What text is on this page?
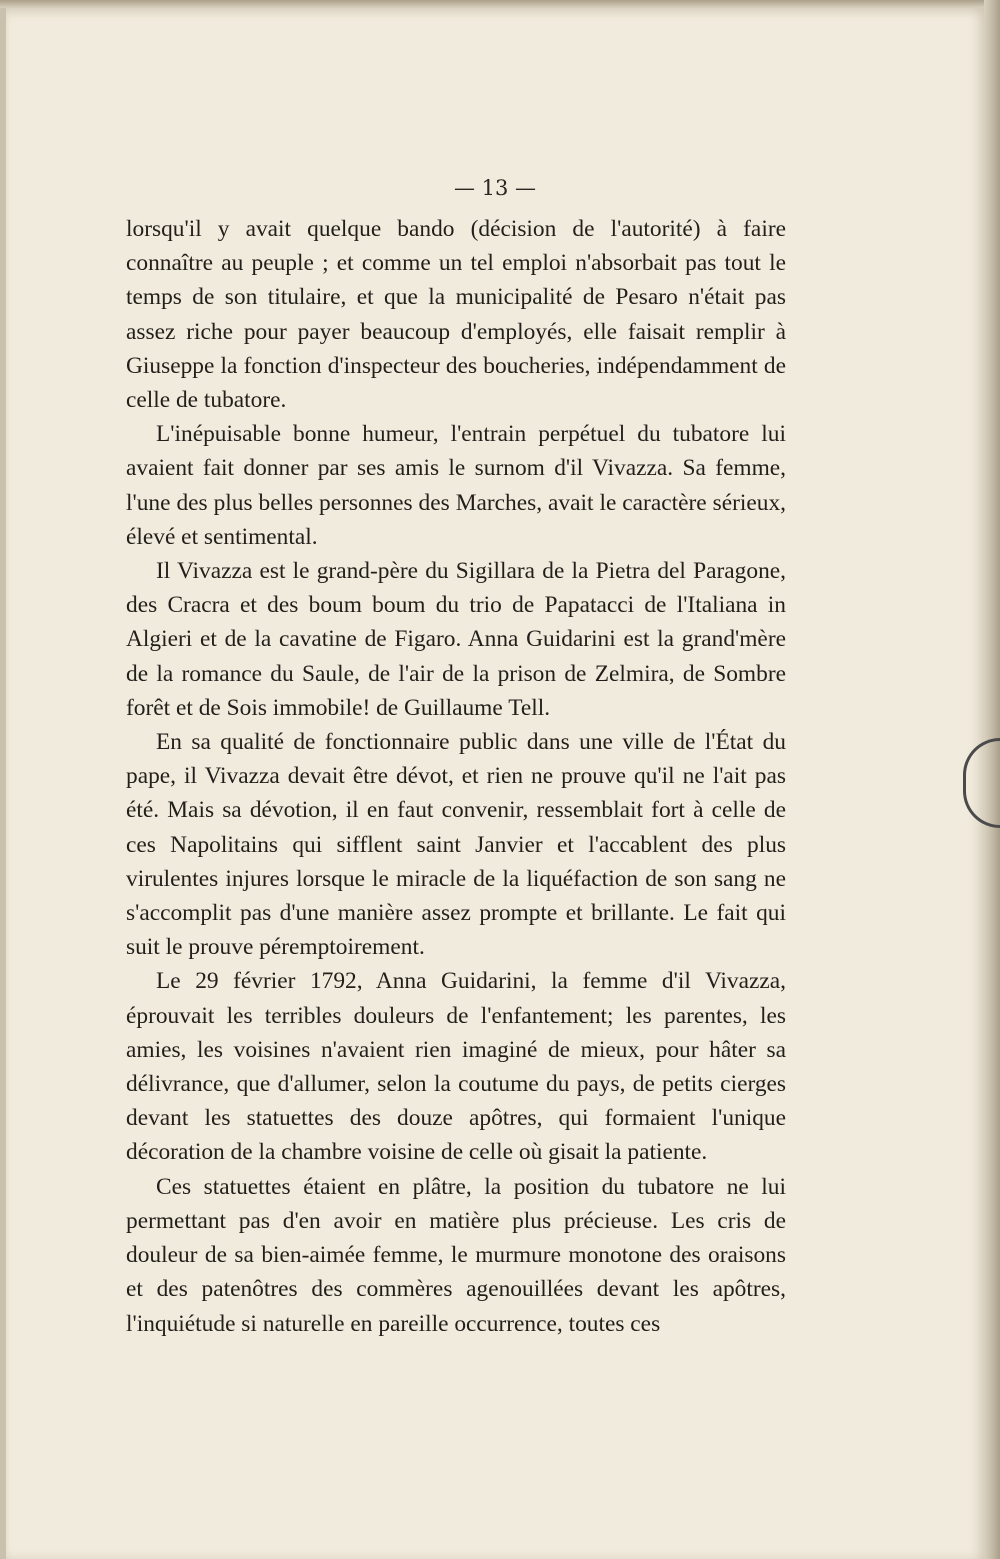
— 13 —

lorsqu'il y avait quelque bando (décision de l'autorité) à faire connaître au peuple ; et comme un tel emploi n'absorbait pas tout le temps de son titulaire, et que la municipalité de Pesaro n'était pas assez riche pour payer beaucoup d'employés, elle faisait remplir à Giuseppe la fonction d'inspecteur des boucheries, indépendamment de celle de tubatore.

L'inépuisable bonne humeur, l'entrain perpétuel du tubatore lui avaient fait donner par ses amis le surnom d'il Vivazza. Sa femme, l'une des plus belles personnes des Marches, avait le caractère sérieux, élevé et sentimental.

Il Vivazza est le grand-père du Sigillara de la Pietra del Paragone, des Cracra et des boum boum du trio de Papatacci de l'Italiana in Algieri et de la cavatine de Figaro. Anna Guidarini est la grand'mère de la romance du Saule, de l'air de la prison de Zelmira, de Sombre forêt et de Sois immobile! de Guillaume Tell.

En sa qualité de fonctionnaire public dans une ville de l'État du pape, il Vivazza devait être dévot, et rien ne prouve qu'il ne l'ait pas été. Mais sa dévotion, il en faut convenir, ressemblait fort à celle de ces Napolitains qui sifflent saint Janvier et l'accablent des plus virulentes injures lorsque le miracle de la liquéfaction de son sang ne s'accomplit pas d'une manière assez prompte et brillante. Le fait qui suit le prouve péremptoirement.

Le 29 février 1792, Anna Guidarini, la femme d'il Vivazza, éprouvait les terribles douleurs de l'enfantement; les parentes, les amies, les voisines n'avaient rien imaginé de mieux, pour hâter sa délivrance, que d'allumer, selon la coutume du pays, de petits cierges devant les statuettes des douze apôtres, qui formaient l'unique décoration de la chambre voisine de celle où gisait la patiente.

Ces statuettes étaient en plâtre, la position du tubatore ne lui permettant pas d'en avoir en matière plus précieuse. Les cris de douleur de sa bien-aimée femme, le murmure monotone des oraisons et des patenôtres des commères agenouillées devant les apôtres, l'inquiétude si naturelle en pareille occurrence, toutes ces
